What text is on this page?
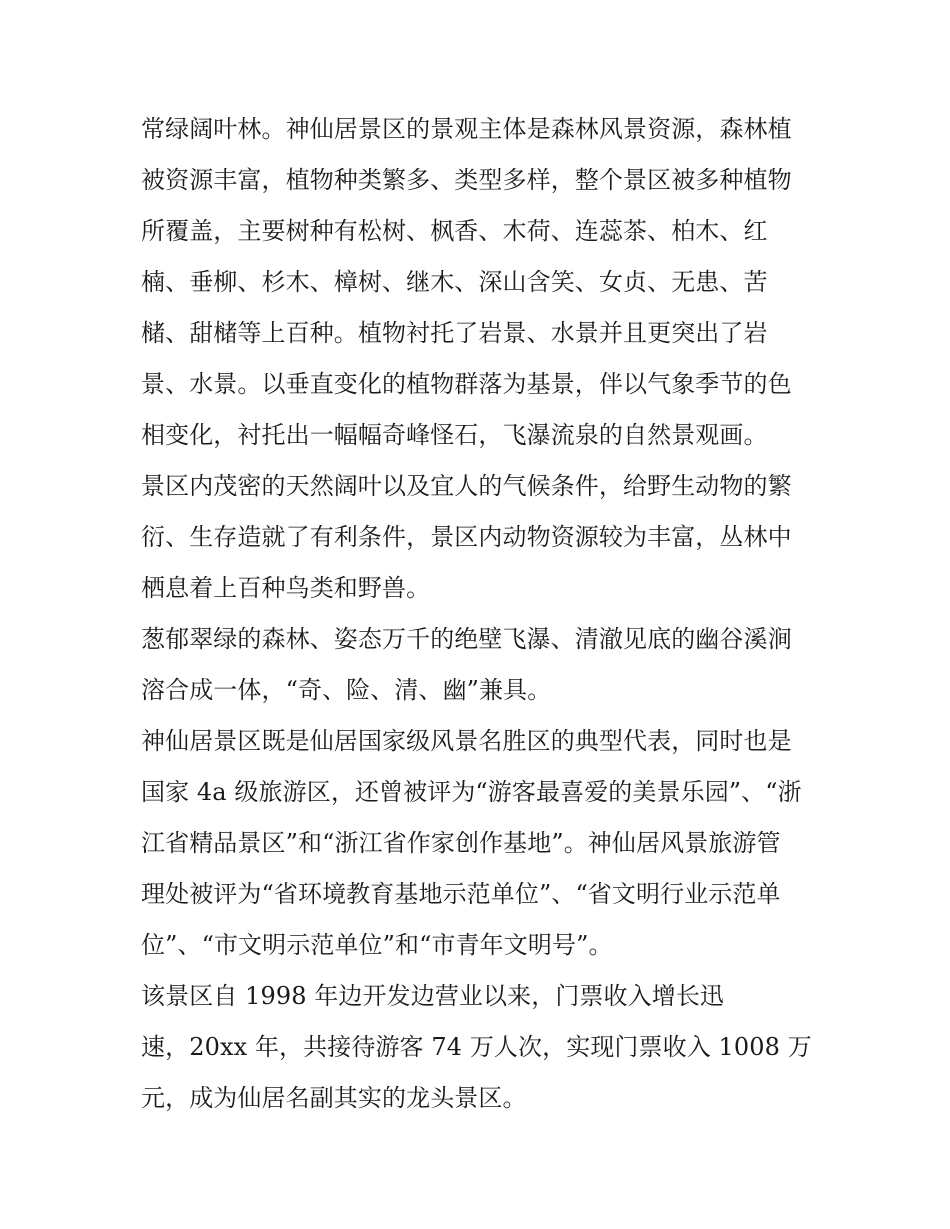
常绿阔叶林。神仙居景区的景观主体是森林风景资源，森林植
被资源丰富，植物种类繁多、类型多样，整个景区被多种植物
所覆盖，主要树种有松树、枫香、木荷、连蕊茶、柏木、红
楠、垂柳、杉木、樟树、继木、深山含笑、女贞、无患、苦
槠、甜槠等上百种。植物衬托了岩景、水景并且更突出了岩
景、水景。以垂直变化的植物群落为基景，伴以气象季节的色
相变化，衬托出一幅幅奇峰怪石，飞瀑流泉的自然景观画。
景区内茂密的天然阔叶以及宜人的气候条件，给野生动物的繁
衍、生存造就了有利条件，景区内动物资源较为丰富，丛林中
栖息着上百种鸟类和野兽。
葱郁翠绿的森林、姿态万千的绝壁飞瀑、清澈见底的幽谷溪涧
溶合成一体，“奇、险、清、幽”兼具。
神仙居景区既是仙居国家级风景名胜区的典型代表，同时也是
国家 4a 级旅游区，还曾被评为“游客最喜爱的美景乐园”、“浙
江省精品景区”和“浙江省作家创作基地”。神仙居风景旅游管
理处被评为“省环境教育基地示范单位”、“省文明行业示范单
位”、“市文明示范单位”和“市青年文明号”。
该景区自 1998 年边开发边营业以来，门票收入增长迅
速，20xx 年，共接待游客 74 万人次，实现门票收入 1008 万
元，成为仙居名副其实的龙头景区。
